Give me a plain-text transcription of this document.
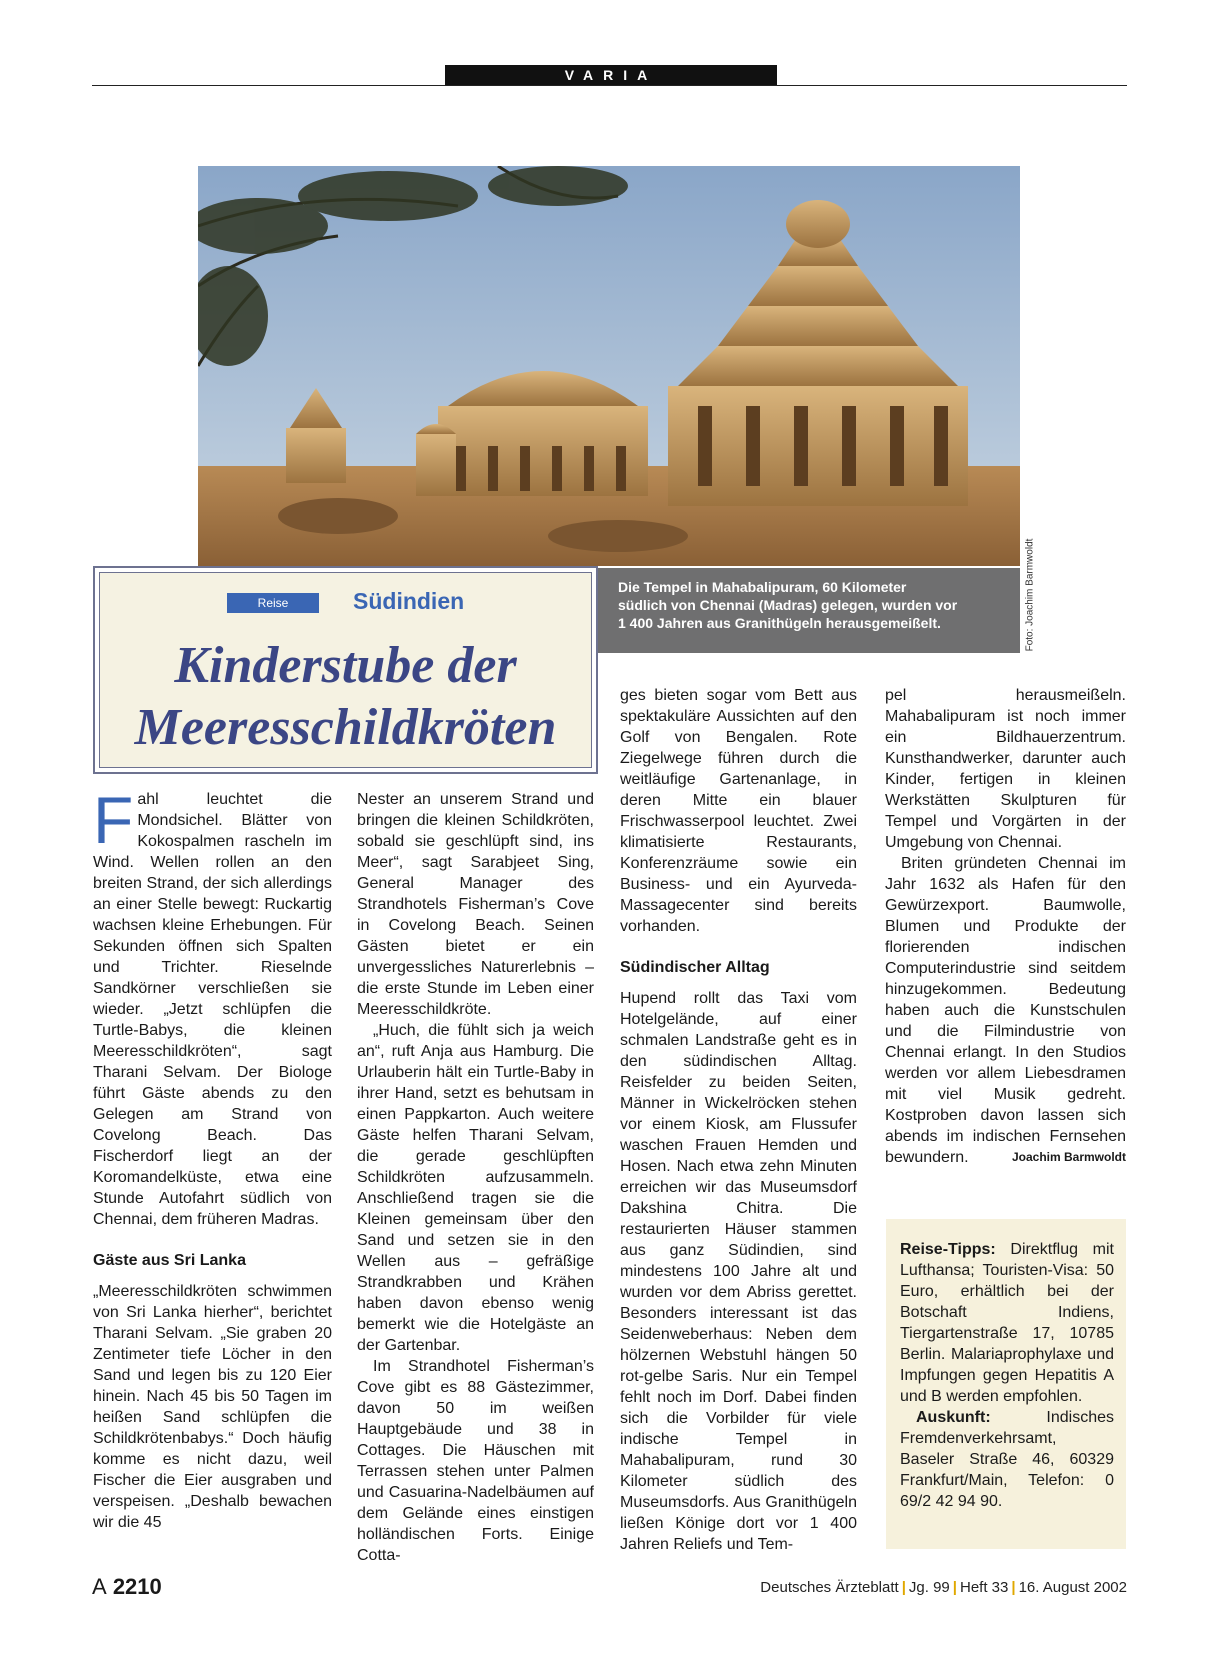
VARIA
Foto: Joachim Barmwoldt
Die Tempel in Mahabalipuram, 60 Kilometer
südlich von Chennai (Madras) gelegen, wurden vor
1 400 Jahren aus Granithügeln herausgemeißelt.
Reise	Südindien
Kinderstube der
Meeresschildkröten

Fahl leuchtet die Mondsichel. Blätter von Kokospalmen rascheln im Wind. Wellen rollen an den breiten Strand, der sich allerdings an einer Stelle bewegt: Ruckartig wachsen kleine Erhebungen. Für Sekunden öffnen sich Spalten und Trichter. Rieselnde Sandkörner verschließen sie wieder. „Jetzt schlüpfen die Turtle-Babys, die kleinen Meeresschildkröten“, sagt Tharani Selvam. Der Biologe führt Gäste abends zu den Gelegen am Strand von Covelong Beach. Das Fischerdorf liegt an der Koromandelküste, etwa eine Stunde Autofahrt südlich von Chennai, dem früheren Madras.

Gäste aus Sri Lanka

„Meeresschildkröten schwimmen von Sri Lanka hierher“, berichtet Tharani Selvam. „Sie graben 20 Zentimeter tiefe Löcher in den Sand und legen bis zu 120 Eier hinein. Nach 45 bis 50 Tagen im heißen Sand schlüpfen die Schildkrötenbabys.“ Doch häufig komme es nicht dazu, weil Fischer die Eier ausgraben und verspeisen. „Deshalb bewachen wir die 45

Nester an unserem Strand und bringen die kleinen Schildkröten, sobald sie geschlüpft sind, ins Meer“, sagt Sarabjeet Sing, General Manager des Strandhotels Fisherman’s Cove in Covelong Beach. Seinen Gästen bietet er ein unvergessliches Naturerlebnis – die erste Stunde im Leben einer Meeresschildkröte.

„Huch, die fühlt sich ja weich an“, ruft Anja aus Hamburg. Die Urlauberin hält ein Turtle-Baby in ihrer Hand, setzt es behutsam in einen Pappkarton. Auch weitere Gäste helfen Tharani Selvam, die gerade geschlüpften Schildkröten aufzusammeln. Anschließend tragen sie die Kleinen gemeinsam über den Sand und setzen sie in den Wellen aus – gefräßige Strandkrabben und Krähen haben davon ebenso wenig bemerkt wie die Hotelgäste an der Gartenbar.

Im Strandhotel Fisherman’s Cove gibt es 88 Gästezimmer, davon 50 im weißen Hauptgebäude und 38 in Cottages. Die Häuschen mit Terrassen stehen unter Palmen und Casuarina-Nadelbäumen auf dem Gelände eines einstigen holländischen Forts. Einige Cotta-

ges bieten sogar vom Bett aus spektakuläre Aussichten auf den Golf von Bengalen. Rote Ziegelwege führen durch die weitläufige Gartenanlage, in deren Mitte ein blauer Frischwasserpool leuchtet. Zwei klimatisierte Restaurants, Konferenzräume sowie ein Business- und ein Ayurveda-Massagecenter sind bereits vorhanden.

Südindischer Alltag

Hupend rollt das Taxi vom Hotelgelände, auf einer schmalen Landstraße geht es in den südindischen Alltag. Reisfelder zu beiden Seiten, Männer in Wickelröcken stehen vor einem Kiosk, am Flussufer waschen Frauen Hemden und Hosen. Nach etwa zehn Minuten erreichen wir das Museumsdorf Dakshina Chitra. Die restaurierten Häuser stammen aus ganz Südindien, sind mindestens 100 Jahre alt und wurden vor dem Abriss gerettet. Besonders interessant ist das Seidenweberhaus: Neben dem hölzernen Webstuhl hängen 50 rot-gelbe Saris. Nur ein Tempel fehlt noch im Dorf. Dabei finden sich die Vorbilder für viele indische Tempel in Mahabalipuram, rund 30 Kilometer südlich des Museumsdorfs. Aus Granithügeln ließen Könige dort vor 1 400 Jahren Reliefs und Tem-

pel herausmeißeln. Mahabalipuram ist noch immer ein Bildhauerzentrum. Kunsthandwerker, darunter auch Kinder, fertigen in kleinen Werkstätten Skulpturen für Tempel und Vorgärten in der Umgebung von Chennai.

Briten gründeten Chennai im Jahr 1632 als Hafen für den Gewürzexport. Baumwolle, Blumen und Produkte der florierenden indischen Computerindustrie sind seitdem hinzugekommen. Bedeutung haben auch die Kunstschulen und die Filmindustrie von Chennai erlangt. In den Studios werden vor allem Liebesdramen mit viel Musik gedreht. Kostproben davon lassen sich abends im indischen Fernsehen bewundern.	Joachim Barmwoldt

Reise-Tipps: Direktflug mit Lufthansa; Touristen-Visa: 50 Euro, erhältlich bei der Botschaft Indiens, Tiergartenstraße 17, 10785 Berlin. Malariaprophylaxe und Impfungen gegen Hepatitis A und B werden empfohlen.

Auskunft: Indisches Fremdenverkehrsamt, Baseler Straße 46, 60329 Frankfurt/Main, Telefon: 0 69/2 42 94 90.

A 2210	Deutsches Ärzteblatt | Jg. 99 | Heft 33 | 16. August 2002
